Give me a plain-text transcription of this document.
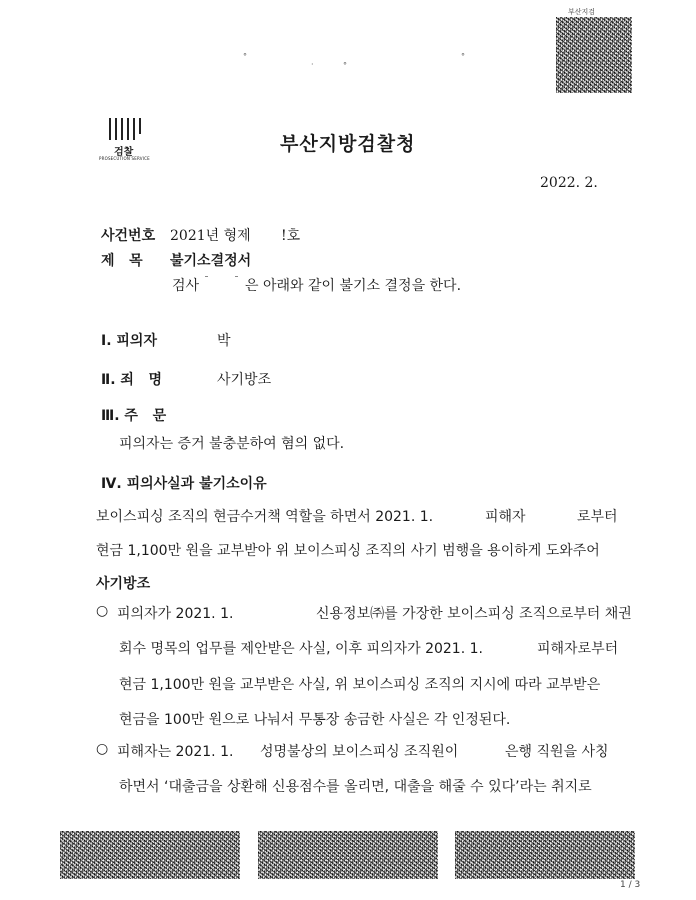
부산지검
°
·	°
°
검찰
PROSECUTION SERVICE
부산지방검찰청
2022. 2.
사건번호 2021년 형제 !호
제   목 불기소결정서
검사	은 아래와 같이 불기소 결정을 한다.
Ⅰ. 피의자	박
Ⅱ. 죄   명	사기방조
Ⅲ. 주   문
피의자는 증거 불충분하여 혐의 없다.
Ⅳ. 피의사실과 불기소이유
보이스피싱 조직의 현금수거책 역할을 하면서 2021. 1.	피해자	로부터
현금 1,100만 원을 교부받아 위 보이스피싱 조직의 사기 범행을 용이하게 도와주어
사기방조
○ 피의자가 2021. 1.	신용정보㈜를 가장한 보이스피싱 조직으로부터 채권
회수 명목의 업무를 제안받은 사실, 이후 피의자가 2021. 1.	피해자로부터
현금 1,100만 원을 교부받은 사실, 위 보이스피싱 조직의 지시에 따라 교부받은
현금을 100만 원으로 나눠서 무통장 송금한 사실은 각 인정된다.
○ 피해자는 2021. 1. 성명불상의 보이스피싱 조직원이	은행 직원을 사칭
하면서 ‘대출금을 상환해 신용점수를 올리면, 대출을 해줄 수 있다’라는 취지로
1 / 3
